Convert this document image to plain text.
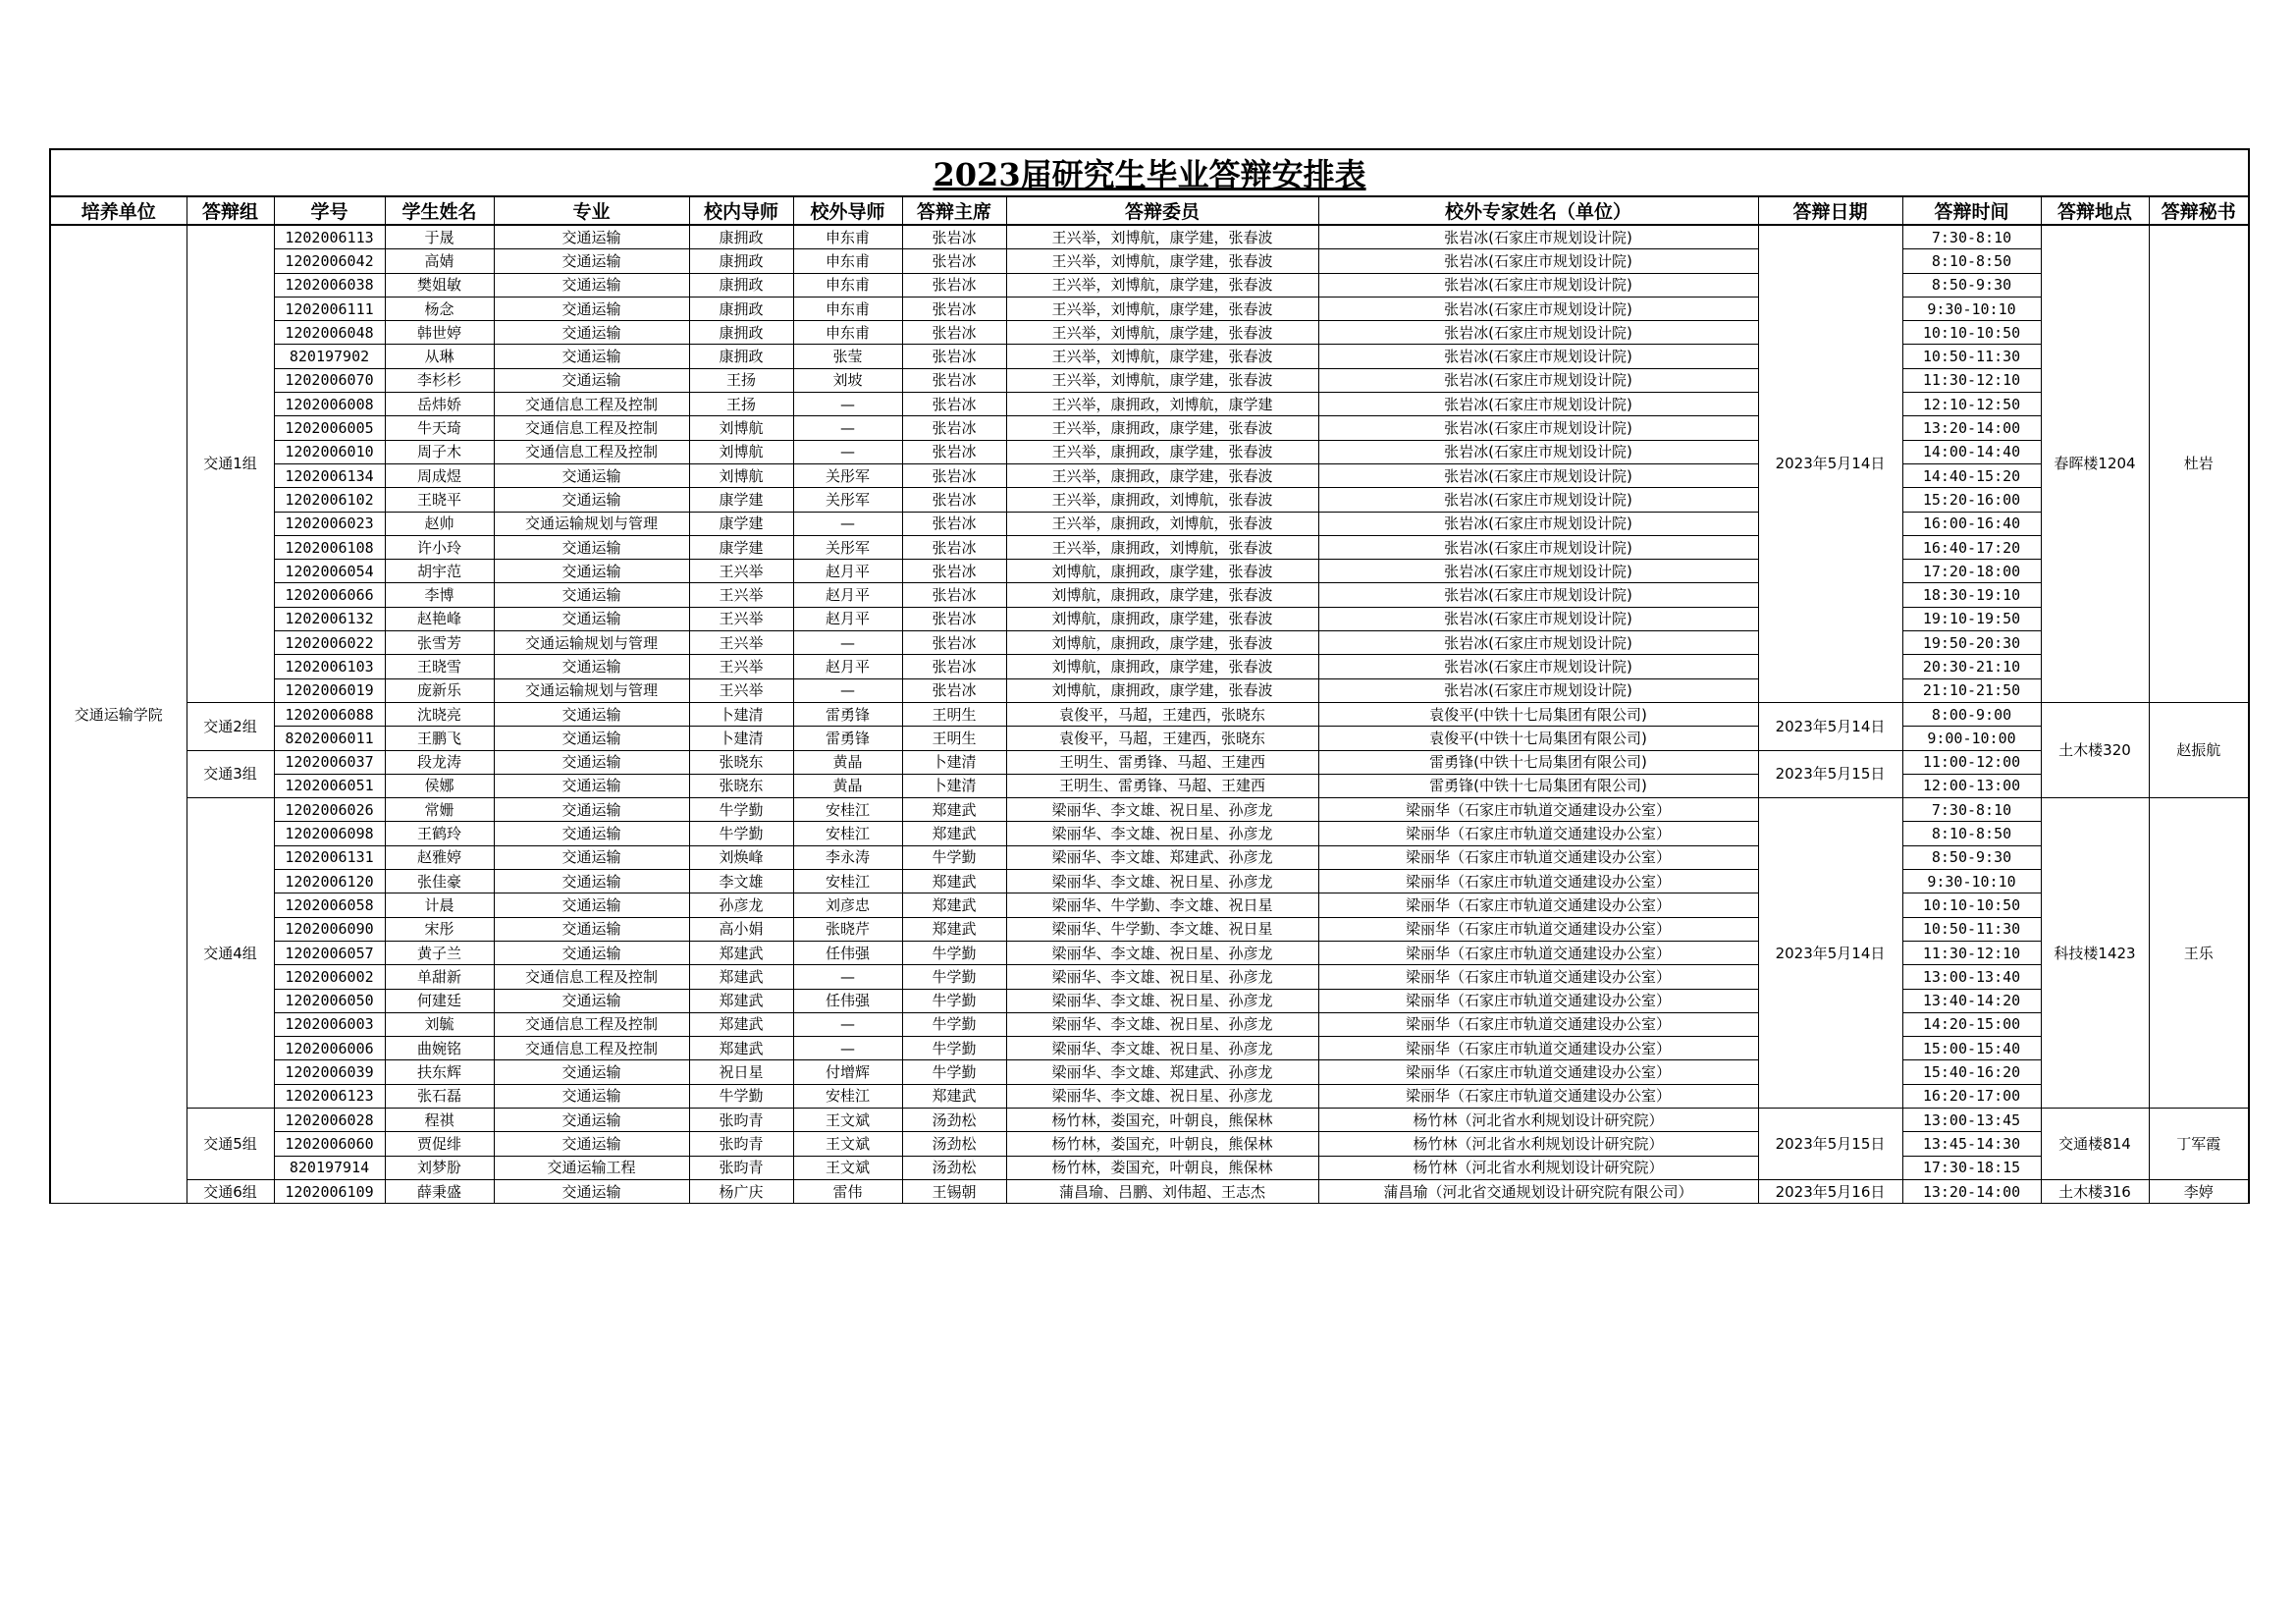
2023届研究生毕业答辩安排表													
培养单位	答辩组	学号	学生姓名	专业	校内导师	校外导师	答辩主席	答辩委员	校外专家姓名（单位）	答辩日期	答辩时间	答辩地点	答辩秘书
交通运输学院	交通1组	1202006113	于晟	交通运输	康拥政	申东甫	张岩冰	王兴举，刘博航，康学建，张春波	张岩冰(石家庄市规划设计院)	2023年5月14日	7:30-8:10	春晖楼1204	杜岩
		1202006042	高婧	交通运输	康拥政	申东甫	张岩冰	王兴举，刘博航，康学建，张春波	张岩冰(石家庄市规划设计院)		8:10-8:50		
		1202006038	樊姐敏	交通运输	康拥政	申东甫	张岩冰	王兴举，刘博航，康学建，张春波	张岩冰(石家庄市规划设计院)		8:50-9:30		
		1202006111	杨念	交通运输	康拥政	申东甫	张岩冰	王兴举，刘博航，康学建，张春波	张岩冰(石家庄市规划设计院)		9:30-10:10		
		1202006048	韩世婷	交通运输	康拥政	申东甫	张岩冰	王兴举，刘博航，康学建，张春波	张岩冰(石家庄市规划设计院)		10:10-10:50		
		820197902	从琳	交通运输	康拥政	张莹	张岩冰	王兴举，刘博航，康学建，张春波	张岩冰(石家庄市规划设计院)		10:50-11:30		
		1202006070	李杉杉	交通运输	王扬	刘坡	张岩冰	王兴举，刘博航，康学建，张春波	张岩冰(石家庄市规划设计院)		11:30-12:10		
		1202006008	岳炜娇	交通信息工程及控制	王扬	—	张岩冰	王兴举，康拥政，刘博航，康学建	张岩冰(石家庄市规划设计院)		12:10-12:50		
		1202006005	牛天琦	交通信息工程及控制	刘博航	—	张岩冰	王兴举，康拥政，康学建，张春波	张岩冰(石家庄市规划设计院)		13:20-14:00		
		1202006010	周子木	交通信息工程及控制	刘博航	—	张岩冰	王兴举，康拥政，康学建，张春波	张岩冰(石家庄市规划设计院)		14:00-14:40		
		1202006134	周成煜	交通运输	刘博航	关彤军	张岩冰	王兴举，康拥政，康学建，张春波	张岩冰(石家庄市规划设计院)		14:40-15:20		
		1202006102	王晓平	交通运输	康学建	关彤军	张岩冰	王兴举，康拥政，刘博航，张春波	张岩冰(石家庄市规划设计院)		15:20-16:00		
		1202006023	赵帅	交通运输规划与管理	康学建	—	张岩冰	王兴举，康拥政，刘博航，张春波	张岩冰(石家庄市规划设计院)		16:00-16:40		
		1202006108	许小玲	交通运输	康学建	关彤军	张岩冰	王兴举，康拥政，刘博航，张春波	张岩冰(石家庄市规划设计院)		16:40-17:20		
		1202006054	胡宇范	交通运输	王兴举	赵月平	张岩冰	刘博航，康拥政，康学建，张春波	张岩冰(石家庄市规划设计院)		17:20-18:00		
		1202006066	李博	交通运输	王兴举	赵月平	张岩冰	刘博航，康拥政，康学建，张春波	张岩冰(石家庄市规划设计院)		18:30-19:10		
		1202006132	赵艳峰	交通运输	王兴举	赵月平	张岩冰	刘博航，康拥政，康学建，张春波	张岩冰(石家庄市规划设计院)		19:10-19:50		
		1202006022	张雪芳	交通运输规划与管理	王兴举	—	张岩冰	刘博航，康拥政，康学建，张春波	张岩冰(石家庄市规划设计院)		19:50-20:30		
		1202006103	王晓雪	交通运输	王兴举	赵月平	张岩冰	刘博航，康拥政，康学建，张春波	张岩冰(石家庄市规划设计院)		20:30-21:10		
		1202006019	庞新乐	交通运输规划与管理	王兴举	—	张岩冰	刘博航，康拥政，康学建，张春波	张岩冰(石家庄市规划设计院)		21:10-21:50		
	交通2组	1202006088	沈晓亮	交通运输	卜建清	雷勇锋	王明生	袁俊平，马超，王建西，张晓东	袁俊平(中铁十七局集团有限公司)	2023年5月14日	8:00-9:00	土木楼320	赵振航
		8202006011	王鹏飞	交通运输	卜建清	雷勇锋	王明生	袁俊平，马超，王建西，张晓东	袁俊平(中铁十七局集团有限公司)		9:00-10:00		
	交通3组	1202006037	段龙涛	交通运输	张晓东	黄晶	卜建清	王明生、雷勇锋、马超、王建西	雷勇锋(中铁十七局集团有限公司)	2023年5月15日	11:00-12:00		
		1202006051	侯娜	交通运输	张晓东	黄晶	卜建清	王明生、雷勇锋、马超、王建西	雷勇锋(中铁十七局集团有限公司)		12:00-13:00		
	交通4组	1202006026	常姗	交通运输	牛学勤	安桂江	郑建武	梁丽华、李文雄、祝日星、孙彦龙	梁丽华（石家庄市轨道交通建设办公室）	2023年5月14日	7:30-8:10	科技楼1423	王乐
		1202006098	王鹤玲	交通运输	牛学勤	安桂江	郑建武	梁丽华、李文雄、祝日星、孙彦龙	梁丽华（石家庄市轨道交通建设办公室）		8:10-8:50		
		1202006131	赵雅婷	交通运输	刘焕峰	李永涛	牛学勤	梁丽华、李文雄、郑建武、孙彦龙	梁丽华（石家庄市轨道交通建设办公室）		8:50-9:30		
		1202006120	张佳豪	交通运输	李文雄	安桂江	郑建武	梁丽华、李文雄、祝日星、孙彦龙	梁丽华（石家庄市轨道交通建设办公室）		9:30-10:10		
		1202006058	计晨	交通运输	孙彦龙	刘彦忠	郑建武	梁丽华、牛学勤、李文雄、祝日星	梁丽华（石家庄市轨道交通建设办公室）		10:10-10:50		
		1202006090	宋彤	交通运输	高小娟	张晓芹	郑建武	梁丽华、牛学勤、李文雄、祝日星	梁丽华（石家庄市轨道交通建设办公室）		10:50-11:30		
		1202006057	黄子兰	交通运输	郑建武	任伟强	牛学勤	梁丽华、李文雄、祝日星、孙彦龙	梁丽华（石家庄市轨道交通建设办公室）		11:30-12:10		
		1202006002	单甜新	交通信息工程及控制	郑建武	—	牛学勤	梁丽华、李文雄、祝日星、孙彦龙	梁丽华（石家庄市轨道交通建设办公室）		13:00-13:40		
		1202006050	何建廷	交通运输	郑建武	任伟强	牛学勤	梁丽华、李文雄、祝日星、孙彦龙	梁丽华（石家庄市轨道交通建设办公室）		13:40-14:20		
		1202006003	刘毓	交通信息工程及控制	郑建武	—	牛学勤	梁丽华、李文雄、祝日星、孙彦龙	梁丽华（石家庄市轨道交通建设办公室）		14:20-15:00		
		1202006006	曲婉铭	交通信息工程及控制	郑建武	—	牛学勤	梁丽华、李文雄、祝日星、孙彦龙	梁丽华（石家庄市轨道交通建设办公室）		15:00-15:40		
		1202006039	扶东辉	交通运输	祝日星	付增辉	牛学勤	梁丽华、李文雄、郑建武、孙彦龙	梁丽华（石家庄市轨道交通建设办公室）		15:40-16:20		
		1202006123	张石磊	交通运输	牛学勤	安桂江	郑建武	梁丽华、李文雄、祝日星、孙彦龙	梁丽华（石家庄市轨道交通建设办公室）		16:20-17:00		
	交通5组	1202006028	程祺	交通运输	张昀青	王文斌	汤劲松	杨竹林，娄国充，叶朝良，熊保林	杨竹林（河北省水利规划设计研究院）	2023年5月15日	13:00-13:45	交通楼814	丁军霞
		1202006060	贾促绯	交通运输	张昀青	王文斌	汤劲松	杨竹林，娄国充，叶朝良，熊保林	杨竹林（河北省水利规划设计研究院）		13:45-14:30		
		820197914	刘梦朌	交通运输工程	张昀青	王文斌	汤劲松	杨竹林，娄国充，叶朝良，熊保林	杨竹林（河北省水利规划设计研究院）		17:30-18:15		
	交通6组	1202006109	薛秉盛	交通运输	杨广庆	雷伟	王锡朝	蒲昌瑜、吕鹏、刘伟超、王志杰	蒲昌瑜（河北省交通规划设计研究院有限公司）	2023年5月16日	13:20-14:00	土木楼316	李婷
